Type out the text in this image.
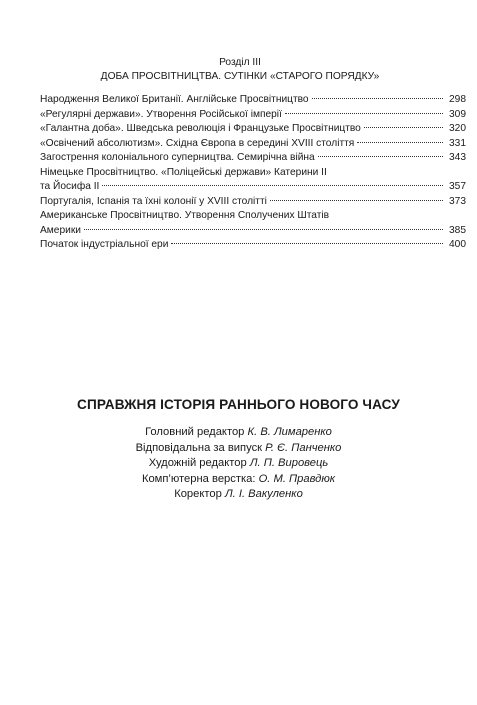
Розділ III
ДОБА ПРОСВІТНИЦТВА. СУТІНКИ «СТАРОГО ПОРЯДКУ»
Народження Великої Британії. Англійське Просвітництво	298
«Регулярні держави». Утворення Російської імперії	309
«Галантна доба». Шведська революція і Французьке Просвітництво	320
«Освічений абсолютизм». Східна Європа в середині XVIII століття	331
Загострення колоніального суперництва. Семирічна війна	343
Німецьке Просвітництво. «Поліцейські держави» Катерини ІІ
та Йосифа ІІ	357
Португалія, Іспанія та їхні колонії у XVIII столітті	373
Американське Просвітництво. Утворення Сполучених Штатів
Америки	385
Початок індустріальної ери	400
СПРАВЖНЯ ІСТОРІЯ РАННЬОГО НОВОГО ЧАСУ
Головний редактор К. В. Лимаренко
Відповідальна за випуск Р. Є. Панченко
Художній редактор Л. П. Вировець
Комп’ютерна верстка: О. М. Правдюк
Коректор Л. І. Вакуленко
